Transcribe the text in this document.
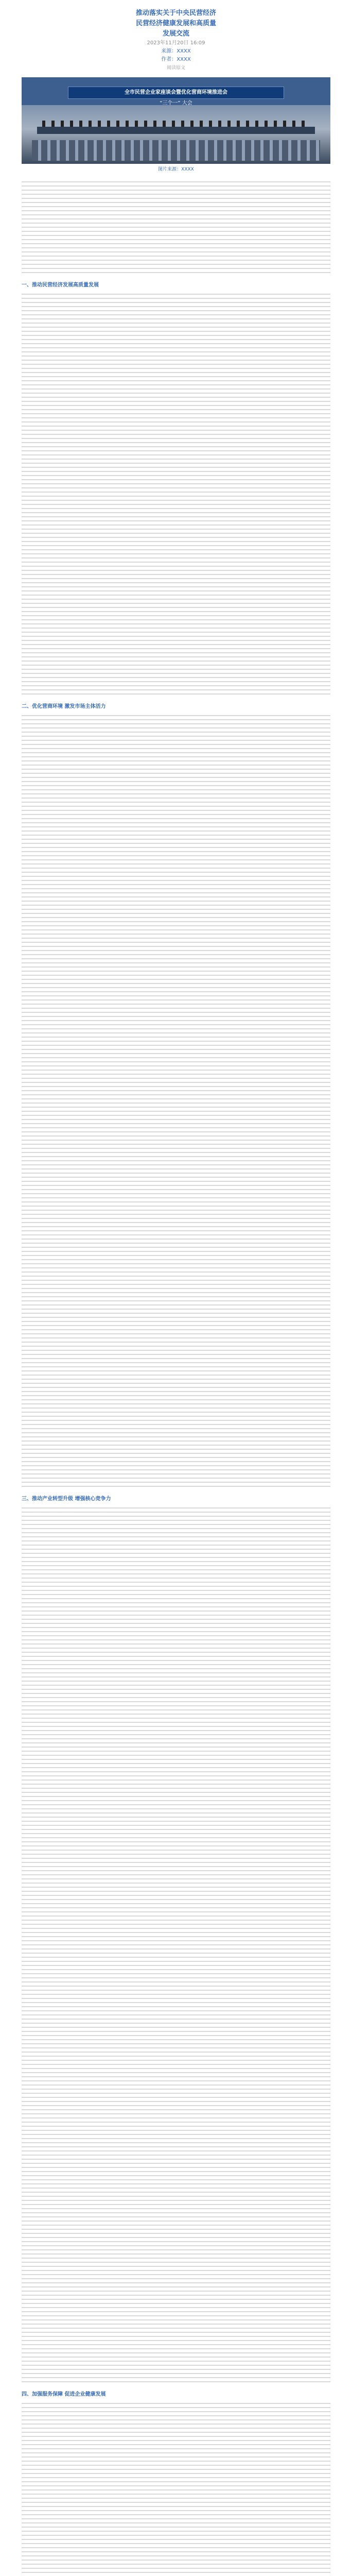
推动落实关于中央民营经济
民营经济健康发展和高质量
发展交流
2023年11月20日 16:09
来源：XXXX
作者：XXXX
阅读原文
全市民营企业家座谈会暨优化营商环境推进会
“三个一” 大会
图片来源：XXXX
一、推动民营经济发展高质量发展
二、优化营商环境 激发市场主体活力
三、推动产业转型升级 增强核心竞争力
四、加强服务保障 促进企业健康发展
